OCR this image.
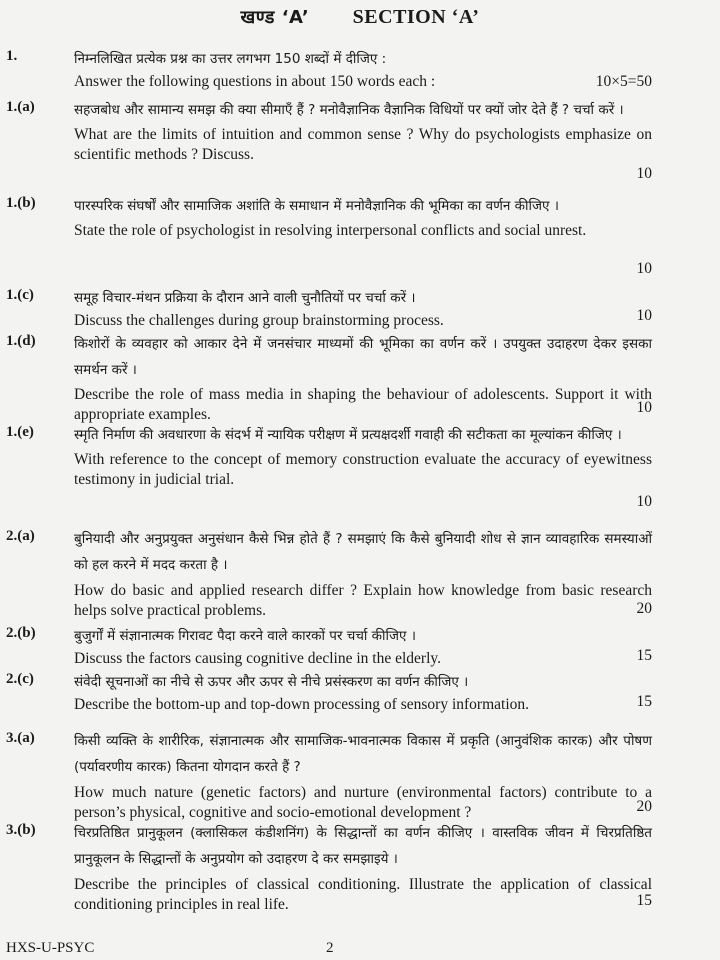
खण्ड ‘A’ SECTION ‘A’
1.	निम्नलिखित प्रत्येक प्रश्न का उत्तर लगभग 150 शब्दों में दीजिए :
Answer the following questions in about 150 words each :	10×5=50
1.(a)	सहजबोध और सामान्य समझ की क्या सीमाएँ हैं ? मनोवैज्ञानिक वैज्ञानिक विधियों पर क्यों जोर देते हैं ? चर्चा करें ।
What are the limits of intuition and common sense ? Why do psychologists emphasize on scientific methods ? Discuss.
10
1.(b)	पारस्परिक संघर्षों और सामाजिक अशांति के समाधान में मनोवैज्ञानिक की भूमिका का वर्णन कीजिए ।
State the role of psychologist in resolving interpersonal conflicts and social unrest.
10
1.(c)	समूह विचार-मंथन प्रक्रिया के दौरान आने वाली चुनौतियों पर चर्चा करें ।
Discuss the challenges during group brainstorming process.	10
1.(d)	किशोरों के व्यवहार को आकार देने में जनसंचार माध्यमों की भूमिका का वर्णन करें । उपयुक्त उदाहरण देकर इसका समर्थन करें ।
Describe the role of mass media in shaping the behaviour of adolescents. Support it with appropriate examples.	10
1.(e)	स्मृति निर्माण की अवधारणा के संदर्भ में न्यायिक परीक्षण में प्रत्यक्षदर्शी गवाही की सटीकता का मूल्यांकन कीजिए ।
With reference to the concept of memory construction evaluate the accuracy of eyewitness testimony in judicial trial.
10
2.(a)	बुनियादी और अनुप्रयुक्त अनुसंधान कैसे भिन्न होते हैं ? समझाएं कि कैसे बुनियादी शोध से ज्ञान व्यावहारिक समस्याओं को हल करने में मदद करता है ।
How do basic and applied research differ ? Explain how knowledge from basic research helps solve practical problems.	20
2.(b)	बुजुर्गों में संज्ञानात्मक गिरावट पैदा करने वाले कारकों पर चर्चा कीजिए ।
Discuss the factors causing cognitive decline in the elderly.	15
2.(c)	संवेदी सूचनाओं का नीचे से ऊपर और ऊपर से नीचे प्रसंस्करण का वर्णन कीजिए ।
Describe the bottom-up and top-down processing of sensory information.	15
3.(a)	किसी व्यक्ति के शारीरिक, संज्ञानात्मक और सामाजिक-भावनात्मक विकास में प्रकृति (आनुवंशिक कारक) और पोषण (पर्यावरणीय कारक) कितना योगदान करते हैं ?
How much nature (genetic factors) and nurture (environmental factors) contribute to a person’s physical, cognitive and socio-emotional development ?	20
3.(b)	चिरप्रतिष्ठित प्रानुकूलन (क्लासिकल कंडीशनिंग) के सिद्धान्तों का वर्णन कीजिए । वास्तविक जीवन में चिरप्रतिष्ठित प्रानुकूलन के सिद्धान्तों के अनुप्रयोग को उदाहरण दे कर समझाइये ।
Describe the principles of classical conditioning. Illustrate the application of classical conditioning principles in real life.	15
HXS-U-PSYC	2
